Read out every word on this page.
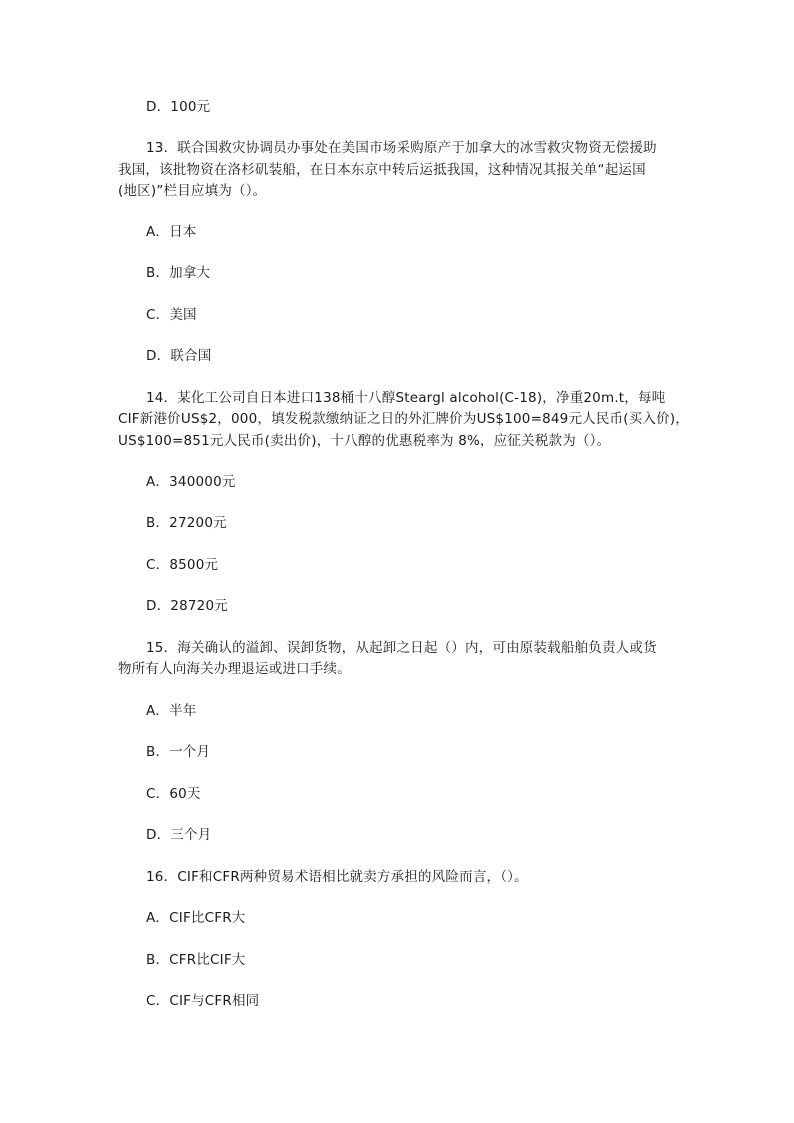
D．100元
13．联合国救灾协调员办事处在美国市场采购原产于加拿大的冰雪救灾物资无偿援助
我国，该批物资在洛杉矶装船，在日本东京中转后运抵我国，这种情况其报关单“起运国
(地区)”栏目应填为（）。
A．日本
B．加拿大
C．美国
D．联合国
14．某化工公司自日本进口138桶十八醇Steargl alcohol(C-18)，净重20m.t，每吨
CIF新港价US$2，000，填发税款缴纳证之日的外汇牌价为US$100=849元人民币(买入价)，
US$100=851元人民币(卖出价)，十八醇的优惠税率为 8%，应征关税款为（）。
A．340000元
B．27200元
C．8500元
D．28720元
15．海关确认的溢卸、误卸货物，从起卸之日起（）内，可由原装载船舶负责人或货
物所有人向海关办理退运或进口手续。
A．半年
B．一个月
C．60天
D．三个月
16．CIF和CFR两种贸易术语相比就卖方承担的风险而言，（）。
A．CIF比CFR大
B．CFR比CIF大
C．CIF与CFR相同
